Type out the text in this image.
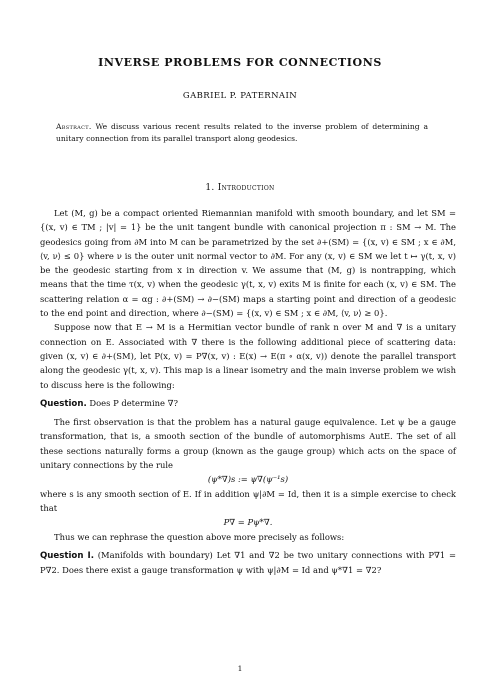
INVERSE PROBLEMS FOR CONNECTIONS
GABRIEL P. PATERNAIN
Abstract. We discuss various recent results related to the inverse problem of determining a unitary connection from its parallel transport along geodesics.
1. Introduction

Let (M, g) be a compact oriented Riemannian manifold with smooth boundary, and let SM = {(x, v) ∈ TM ; |v| = 1} be the unit tangent bundle with canonical projection π : SM → M. The geodesics going from ∂M into M can be parametrized by the set ∂+(SM) = {(x, v) ∈ SM ; x ∈ ∂M, ⟨v, ν⟩ ≤ 0} where ν is the outer unit normal vector to ∂M. For any (x, v) ∈ SM we let t ↦ γ(t, x, v) be the geodesic starting from x in direction v. We assume that (M, g) is nontrapping, which means that the time τ(x, v) when the geodesic γ(t, x, v) exits M is finite for each (x, v) ∈ SM. The scattering relation α = αg : ∂+(SM) → ∂−(SM) maps a starting point and direction of a geodesic to the end point and direction, where ∂−(SM) = {(x, v) ∈ SM ; x ∈ ∂M, ⟨v, ν⟩ ≥ 0}.

Suppose now that E → M is a Hermitian vector bundle of rank n over M and ∇ is a unitary connection on E. Associated with ∇ there is the following additional piece of scattering data: given (x, v) ∈ ∂+(SM), let P(x, v) = P∇(x, v) : E(x) → E(π ∘ α(x, v)) denote the parallel transport along the geodesic γ(t, x, v). This map is a linear isometry and the main inverse problem we wish to discuss here is the following:

Question. Does P determine ∇?

The first observation is that the problem has a natural gauge equivalence. Let ψ be a gauge transformation, that is, a smooth section of the bundle of automorphisms AutE. The set of all these sections naturally forms a group (known as the gauge group) which acts on the space of unitary connections by the rule

(ψ*∇)s := ψ∇(ψ⁻¹s)

where s is any smooth section of E. If in addition ψ|∂M = Id, then it is a simple exercise to check that

P∇ = Pψ*∇.

Thus we can rephrase the question above more precisely as follows:

Question I. (Manifolds with boundary) Let ∇1 and ∇2 be two unitary connections with P∇1 = P∇2. Does there exist a gauge transformation ψ with ψ|∂M = Id and ψ*∇1 = ∇2?

1
